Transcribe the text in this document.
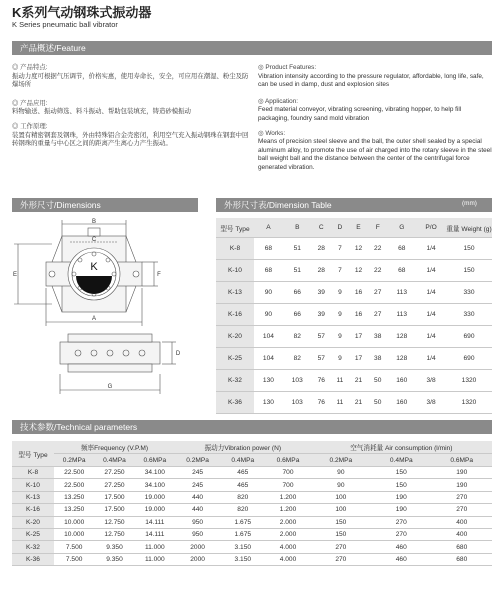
K系列气动钢珠式振动器
K Series pneumatic ball vibrator
产品概述/Feature

◎ 产品特点:

振动力度可根据气压调节，价格实惠，使用寿命长，安全，可应用在潮湿、粉尘及防爆场所

◎ 产品应用:

料物输送、振动筛选、料斗振动、帮助包装填充，铸造砂模振动

◎ 工作原理:

装置有精密钢套及钢珠，外由特殊铝合金壳密闭，利用空气充入振动钢珠在钢套中回转钢珠的重量与中心区之间的距离产生离心力产生振动。

◎ Product Features:

Vibration intensity according to the pressure regulator, affordable, long life, safe, can be used in damp, dust and explosion sites

◎ Application:

Feed material conveyor, vibrating screening, vibrating hopper, to help fill packaging, foundry sand mold vibration

◎ Works:

Means of precision steel sleeve and the ball, the outer shell sealed by a special aluminum alloy, to promote the use of air charged into the rotary sleeve in the steel ball weight ball and the distance between the center of the centrifugal force generated vibration.

外形尺寸/Dimensions	外形尺寸表/Dimension Table	(mm)
K
B
C
A
E	F
G
D
型号 Type	A	B	C	D	E	F	G	P/O	重量 Weight (g)
K-8	68	51	28	7	12	22	68	1/4	150
K-10	68	51	28	7	12	22	68	1/4	150
K-13	90	66	39	9	16	27	113	1/4	330
K-16	90	66	39	9	16	27	113	1/4	330
K-20	104	82	57	9	17	38	128	1/4	690
K-25	104	82	57	9	17	38	128	1/4	690
K-32	130	103	76	11	21	50	160	3/8	1320
K-36	130	103	76	11	21	50	160	3/8	1320
技术参数/Technical parameters
型号 Type	频率Frequency (V.P.M)			振动力Vibration power (N)			空气消耗量 Air consumption (l/min)		
	0.2MPa	0.4MPa	0.6MPa	0.2MPa	0.4MPa	0.6MPa	0.2MPa	0.4MPa	0.6MPa
K-8	22.500	27.250	34.100	245	465	700	90	150	190
K-10	22.500	27.250	34.100	245	465	700	90	150	190
K-13	13.250	17.500	19.000	440	820	1.200	100	190	270
K-16	13.250	17.500	19.000	440	820	1.200	100	190	270
K-20	10.000	12.750	14.111	950	1.675	2.000	150	270	400
K-25	10.000	12.750	14.111	950	1.675	2.000	150	270	400
K-32	7.500	9.350	11.000	2000	3.150	4.000	270	460	680
K-36	7.500	9.350	11.000	2000	3.150	4.000	270	460	680
